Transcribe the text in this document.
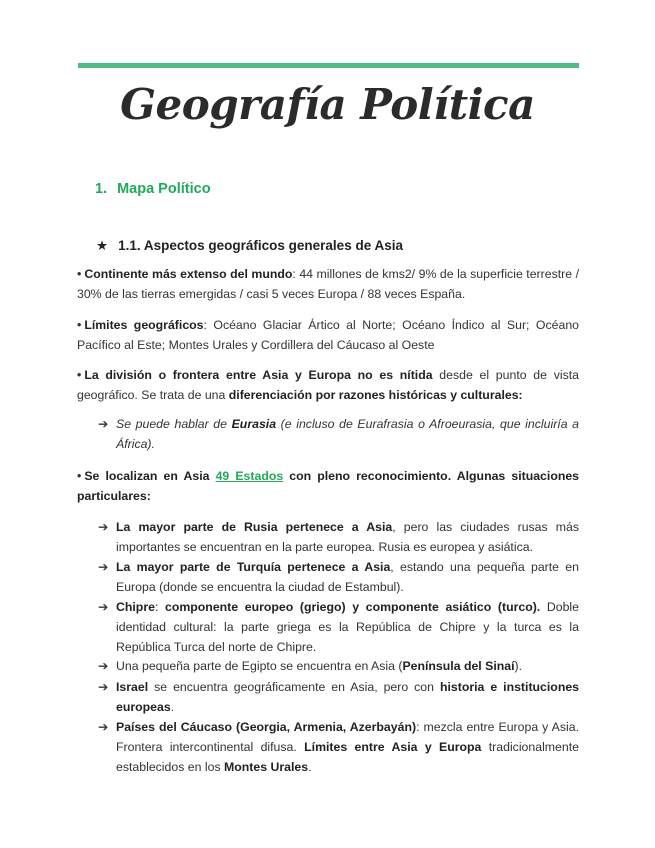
Geografía Política
1. Mapa Político
★ 1.1. Aspectos geográficos generales de Asia
• Continente más extenso del mundo: 44 millones de kms2/ 9% de la superficie terrestre / 30% de las tierras emergidas / casi 5 veces Europa / 88 veces España.
• Límites geográficos: Océano Glaciar Ártico al Norte; Océano Índico al Sur; Océano Pacífico al Este; Montes Urales y Cordillera del Cáucaso al Oeste
• La división o frontera entre Asia y Europa no es nítida desde el punto de vista geográfico. Se trata de una diferenciación por razones históricas y culturales:
➔ Se puede hablar de Eurasia (e incluso de Eurafrasia o Afroeurasia, que incluiría a África).
• Se localizan en Asia 49 Estados con pleno reconocimiento. Algunas situaciones particulares:
➔ La mayor parte de Rusia pertenece a Asia, pero las ciudades rusas más importantes se encuentran en la parte europea. Rusia es europea y asiática.
➔ La mayor parte de Turquía pertenece a Asia, estando una pequeña parte en Europa (donde se encuentra la ciudad de Estambul).
➔ Chipre: componente europeo (griego) y componente asiático (turco). Doble identidad cultural: la parte griega es la República de Chipre y la turca es la República Turca del norte de Chipre.
➔ Una pequeña parte de Egipto se encuentra en Asia (Península del Sinaí).
➔ Israel se encuentra geográficamente en Asia, pero con historia e instituciones europeas.
➔ Países del Cáucaso (Georgia, Armenia, Azerbayán): mezcla entre Europa y Asia. Frontera intercontinental difusa. Límites entre Asia y Europa tradicionalmente establecidos en los Montes Urales.
